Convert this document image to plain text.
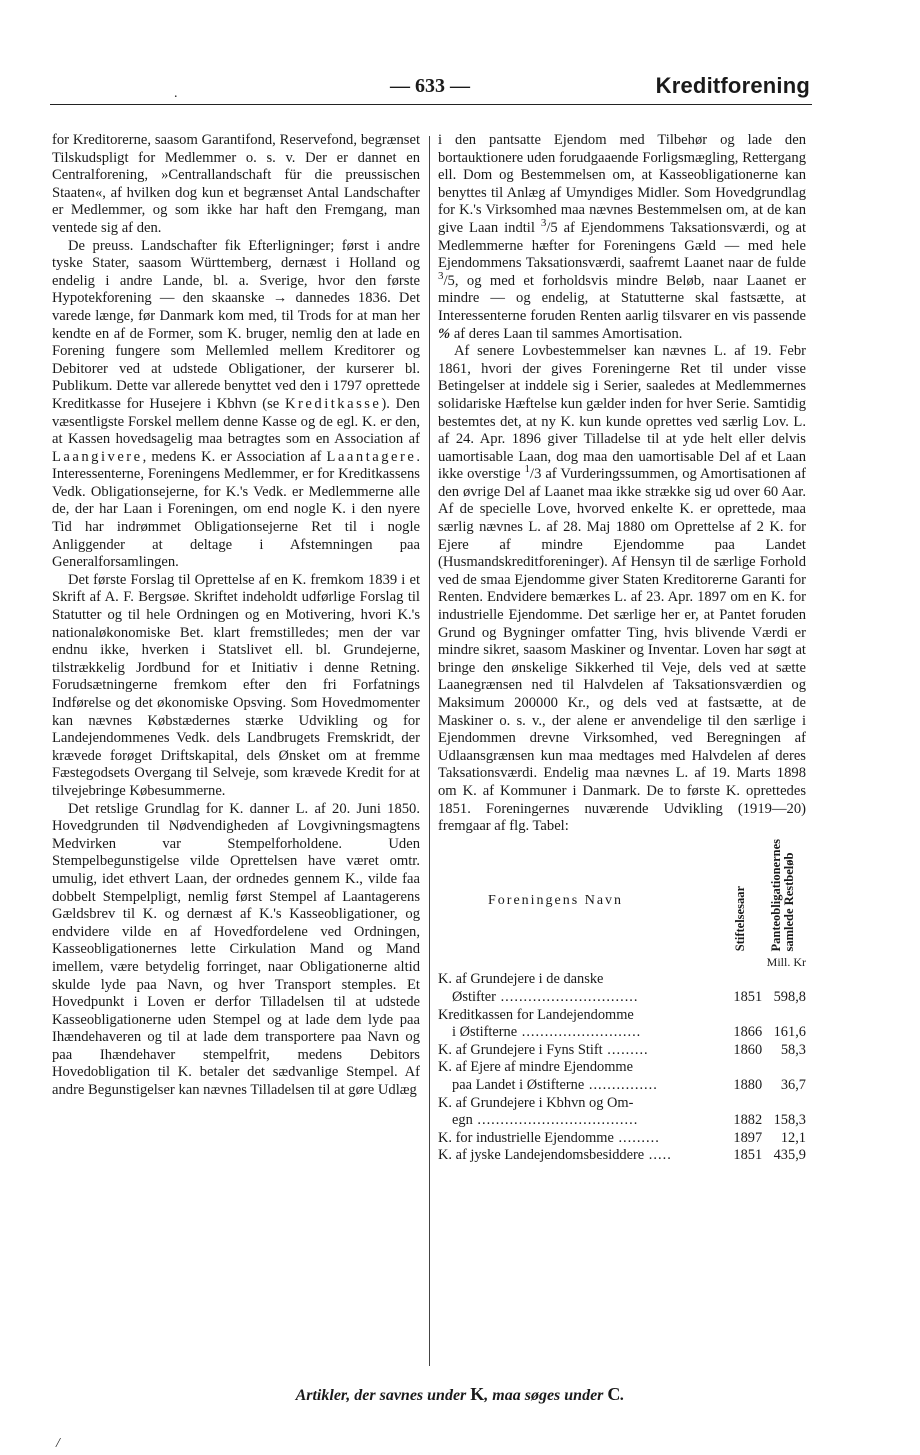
.	— 633 —	Kreditforening

for Kreditorerne, saasom Garantifond, Reservefond, begrænset Tilskudspligt for Medlemmer o. s. v. Der er dannet en Centralforening, »Centrallandschaft für die preussischen Staaten«, af hvilken dog kun et begrænset Antal Landschafter er Medlemmer, og som ikke har haft den Fremgang, man ventede sig af den.

De preuss. Landschafter fik Efterligninger; først i andre tyske Stater, saasom Württemberg, dernæst i Holland og endelig i andre Lande, bl. a. Sverige, hvor den første Hypotekforening — den skaanske → dannedes 1836. Det varede længe, før Danmark kom med, til Trods for at man her kendte en af de Former, som K. bruger, nemlig den at lade en Forening fungere som Mellemled mellem Kreditorer og Debitorer ved at udstede Obligationer, der kurserer bl. Publikum. Dette var allerede benyttet ved den i 1797 oprettede Kreditkasse for Husejere i Kbhvn (se Kreditkasse). Den væsentligste Forskel mellem denne Kasse og de egl. K. er den, at Kassen hovedsagelig maa betragtes som en Association af Laangivere, medens K. er Association af Laantagere. Interessenterne, Foreningens Medlemmer, er for Kreditkassens Vedk. Obligationsejerne, for K.'s Vedk. er Medlemmerne alle de, der har Laan i Foreningen, om end nogle K. i den nyere Tid har indrømmet Obligationsejerne Ret til i nogle Anliggender at deltage i Afstemningen paa Generalforsamlingen.

Det første Forslag til Oprettelse af en K. fremkom 1839 i et Skrift af A. F. Bergsøe. Skriftet indeholdt udførlige Forslag til Statutter og til hele Ordningen og en Motivering, hvori K.'s nationaløkonomiske Bet. klart fremstilledes; men der var endnu ikke, hverken i Statslivet ell. bl. Grundejerne, tilstrækkelig Jordbund for et Initiativ i denne Retning. Forudsætningerne fremkom efter den fri Forfatnings Indførelse og det økonomiske Opsving. Som Hovedmomenter kan nævnes Købstædernes stærke Udvikling og for Landejendommenes Vedk. dels Landbrugets Fremskridt, der krævede forøget Driftskapital, dels Ønsket om at fremme Fæstegodsets Overgang til Selveje, som krævede Kredit for at tilvejebringe Købesummerne.

Det retslige Grundlag for K. danner L. af 20. Juni 1850. Hovedgrunden til Nødvendigheden af Lovgivningsmagtens Medvirken var Stempelforholdene. Uden Stempelbegunstigelse vilde Oprettelsen have været omtr. umulig, idet ethvert Laan, der ordnedes gennem K., vilde faa dobbelt Stempelpligt, nemlig først Stempel af Laantagerens Gældsbrev til K. og dernæst af K.'s Kasseobligationer, og endvidere vilde en af Hovedfordelene ved Ordningen, Kasseobligationernes lette Cirkulation Mand og Mand imellem, være betydelig forringet, naar Obligationerne altid skulde lyde paa Navn, og hver Transport stemples. Et Hovedpunkt i Loven er derfor Tilladelsen til at udstede Kasseobligationerne uden Stempel og at lade dem lyde paa Ihændehaveren og til at lade dem transportere paa Navn og paa Ihændehaver stempelfrit, medens Debitors Hovedobligation til K. betaler det sædvanlige Stempel. Af andre Begunstigelser kan nævnes Tilladelsen til at gøre Udlæg

i den pantsatte Ejendom med Tilbehør og lade den bortauktionere uden forudgaaende Forligsmægling, Rettergang ell. Dom og Bestemmelsen om, at Kasseobligationerne kan benyttes til Anlæg af Umyndiges Midler. Som Hovedgrundlag for K.'s Virksomhed maa nævnes Bestemmelsen om, at de kan give Laan indtil $^3$/5 af Ejendommens Taksationsværdi, og at Medlemmerne hæfter for Foreningens Gæld — med hele Ejendommens Taksationsværdi, saafremt Laanet naar de fulde $^3$/5, og med et forholdsvis mindre Beløb, naar Laanet er mindre — og endelig, at Statutterne skal fastsætte, at Interessenterne foruden Renten aarlig tilsvarer en vis passende % af deres Laan til sammes Amortisation.

Af senere Lovbestemmelser kan nævnes L. af 19. Febr 1861, hvori der gives Foreningerne Ret til under visse Betingelser at inddele sig i Serier, saaledes at Medlemmernes solidariske Hæftelse kun gælder inden for hver Serie. Samtidig bestemtes det, at ny K. kun kunde oprettes ved særlig Lov. L. af 24. Apr. 1896 giver Tilladelse til at yde helt eller delvis uamortisable Laan, dog maa den uamortisable Del af et Laan ikke overstige $^1$/3 af Vurderingssummen, og Amortisationen af den øvrige Del af Laanet maa ikke strække sig ud over 60 Aar. Af de specielle Love, hvorved enkelte K. er oprettede, maa særlig nævnes L. af 28. Maj 1880 om Oprettelse af 2 K. for Ejere af mindre Ejendomme paa Landet (Husmandskreditforeninger). Af Hensyn til de særlige Forhold ved de smaa Ejendomme giver Staten Kreditorerne Garanti for Renten. Endvidere bemærkes L. af 23. Apr. 1897 om en K. for industrielle Ejendomme. Det særlige her er, at Pantet foruden Grund og Bygninger omfatter Ting, hvis blivende Værdi er mindre sikret, saasom Maskiner og Inventar. Loven har søgt at bringe den ønskelige Sikkerhed til Veje, dels ved at sætte Laanegrænsen ned til Halvdelen af Taksationsværdien og Maksimum 200000 Kr., og dels ved at fastsætte, at de Maskiner o. s. v., der alene er anvendelige til den særlige i Ejendommen drevne Virksomhed, ved Beregningen af Udlaansgrænsen kun maa medtages med Halvdelen af deres Taksationsværdi. Endelig maa nævnes L. af 19. Marts 1898 om K. af Kommuner i Danmark. De to første K. oprettedes 1851. Foreningernes nuværende Udvikling (1919—20) fremgaar af flg. Tabel:

Foreningens Navn	Stiftelsesaar Panteobligationernes samlede Restbeløb
Mill. Kr
K. af Grundejere i de danske		
Østifter ..............................	1851	598,8
Kreditkassen for Landejendomme		
i Østifterne ..........................	1866	161,6
K. af Grundejere i Fyns Stift .........	1860	58,3
K. af Ejere af mindre Ejendomme		
paa Landet i Østifterne ...............	1880	36,7
K. af Grundejere i Kbhvn og Om-		
egn ...................................	1882	158,3
K. for industrielle Ejendomme .........	1897	12,1
K. af jyske Landejendomsbesiddere .....	1851	435,9
Artikler, der savnes under K, maa søges under C.
/
